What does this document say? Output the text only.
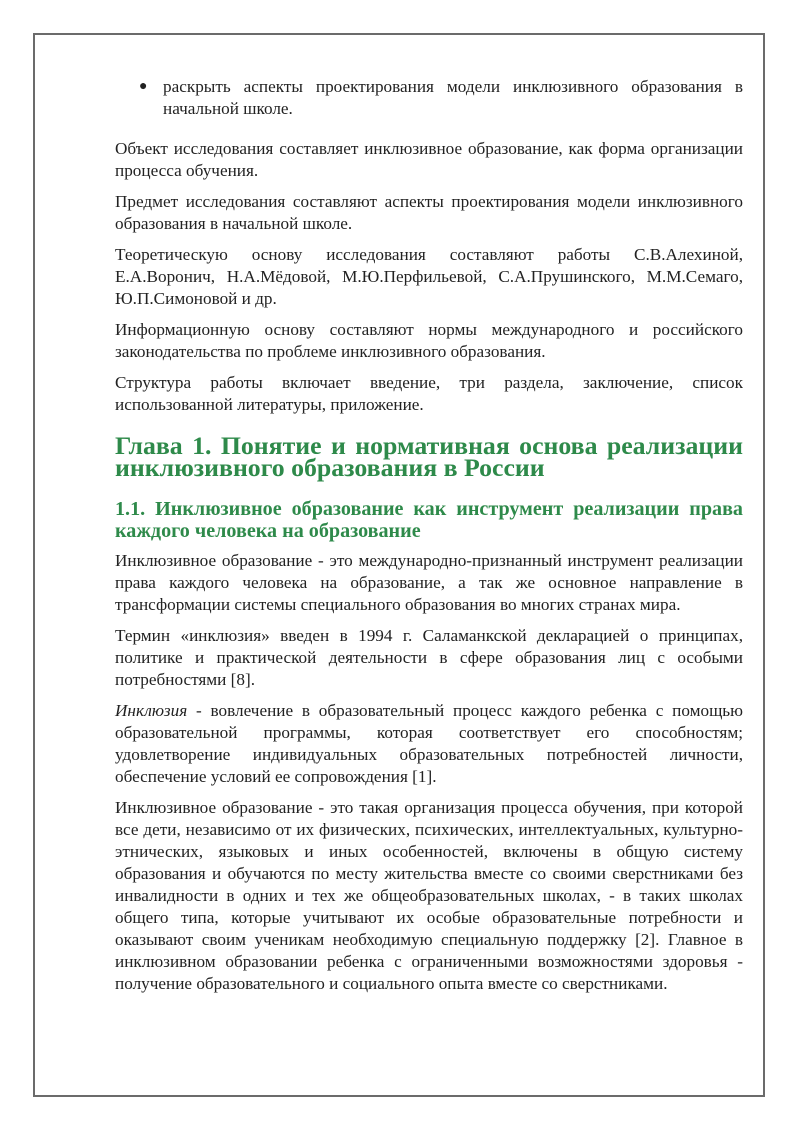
● раскрыть аспекты проектирования модели инклюзивного образования в начальной школе.

Объект исследования составляет инклюзивное образование, как форма организации процесса обучения.

Предмет исследования составляют аспекты проектирования модели инклюзивного образования в начальной школе.

Теоретическую основу исследования составляют работы С.В.Алехиной, Е.А.Воронич, Н.А.Мёдовой, М.Ю.Перфильевой, С.А.Прушинского, М.М.Семаго, Ю.П.Симоновой и др.

Информационную основу составляют нормы международного и российского законодательства по проблеме инклюзивного образования.

Структура работы включает введение, три раздела, заключение, список использованной литературы, приложение.

Глава 1. Понятие и нормативная основа реализации инклюзивного образования в России
1.1. Инклюзивное образование как инструмент реализации права каждого человека на образование

Инклюзивное образование - это международно-признанный инструмент реализации права каждого человека на образование, а так же основное направление в трансформации системы специального образования во многих странах мира.

Термин «инклюзия» введен в 1994 г. Саламанкской декларацией о принципах, политике и практической деятельности в сфере образования лиц с особыми потребностями [8].

Инклюзия - вовлечение в образовательный процесс каждого ребенка с помощью образовательной программы, которая соответствует его способностям; удовлетворение индивидуальных образовательных потребностей личности, обеспечение условий ее сопровождения [1].

Инклюзивное образование - это такая организация процесса обучения, при которой все дети, независимо от их физических, психических, интеллектуальных, культурно-этнических, языковых и иных особенностей, включены в общую систему образования и обучаются по месту жительства вместе со своими сверстниками без инвалидности в одних и тех же общеобразовательных школах, - в таких школах общего типа, которые учитывают их особые образовательные потребности и оказывают своим ученикам необходимую специальную поддержку [2]. Главное в инклюзивном образовании ребенка с ограниченными возможностями здоровья - получение образовательного и социального опыта вместе со сверстниками.
